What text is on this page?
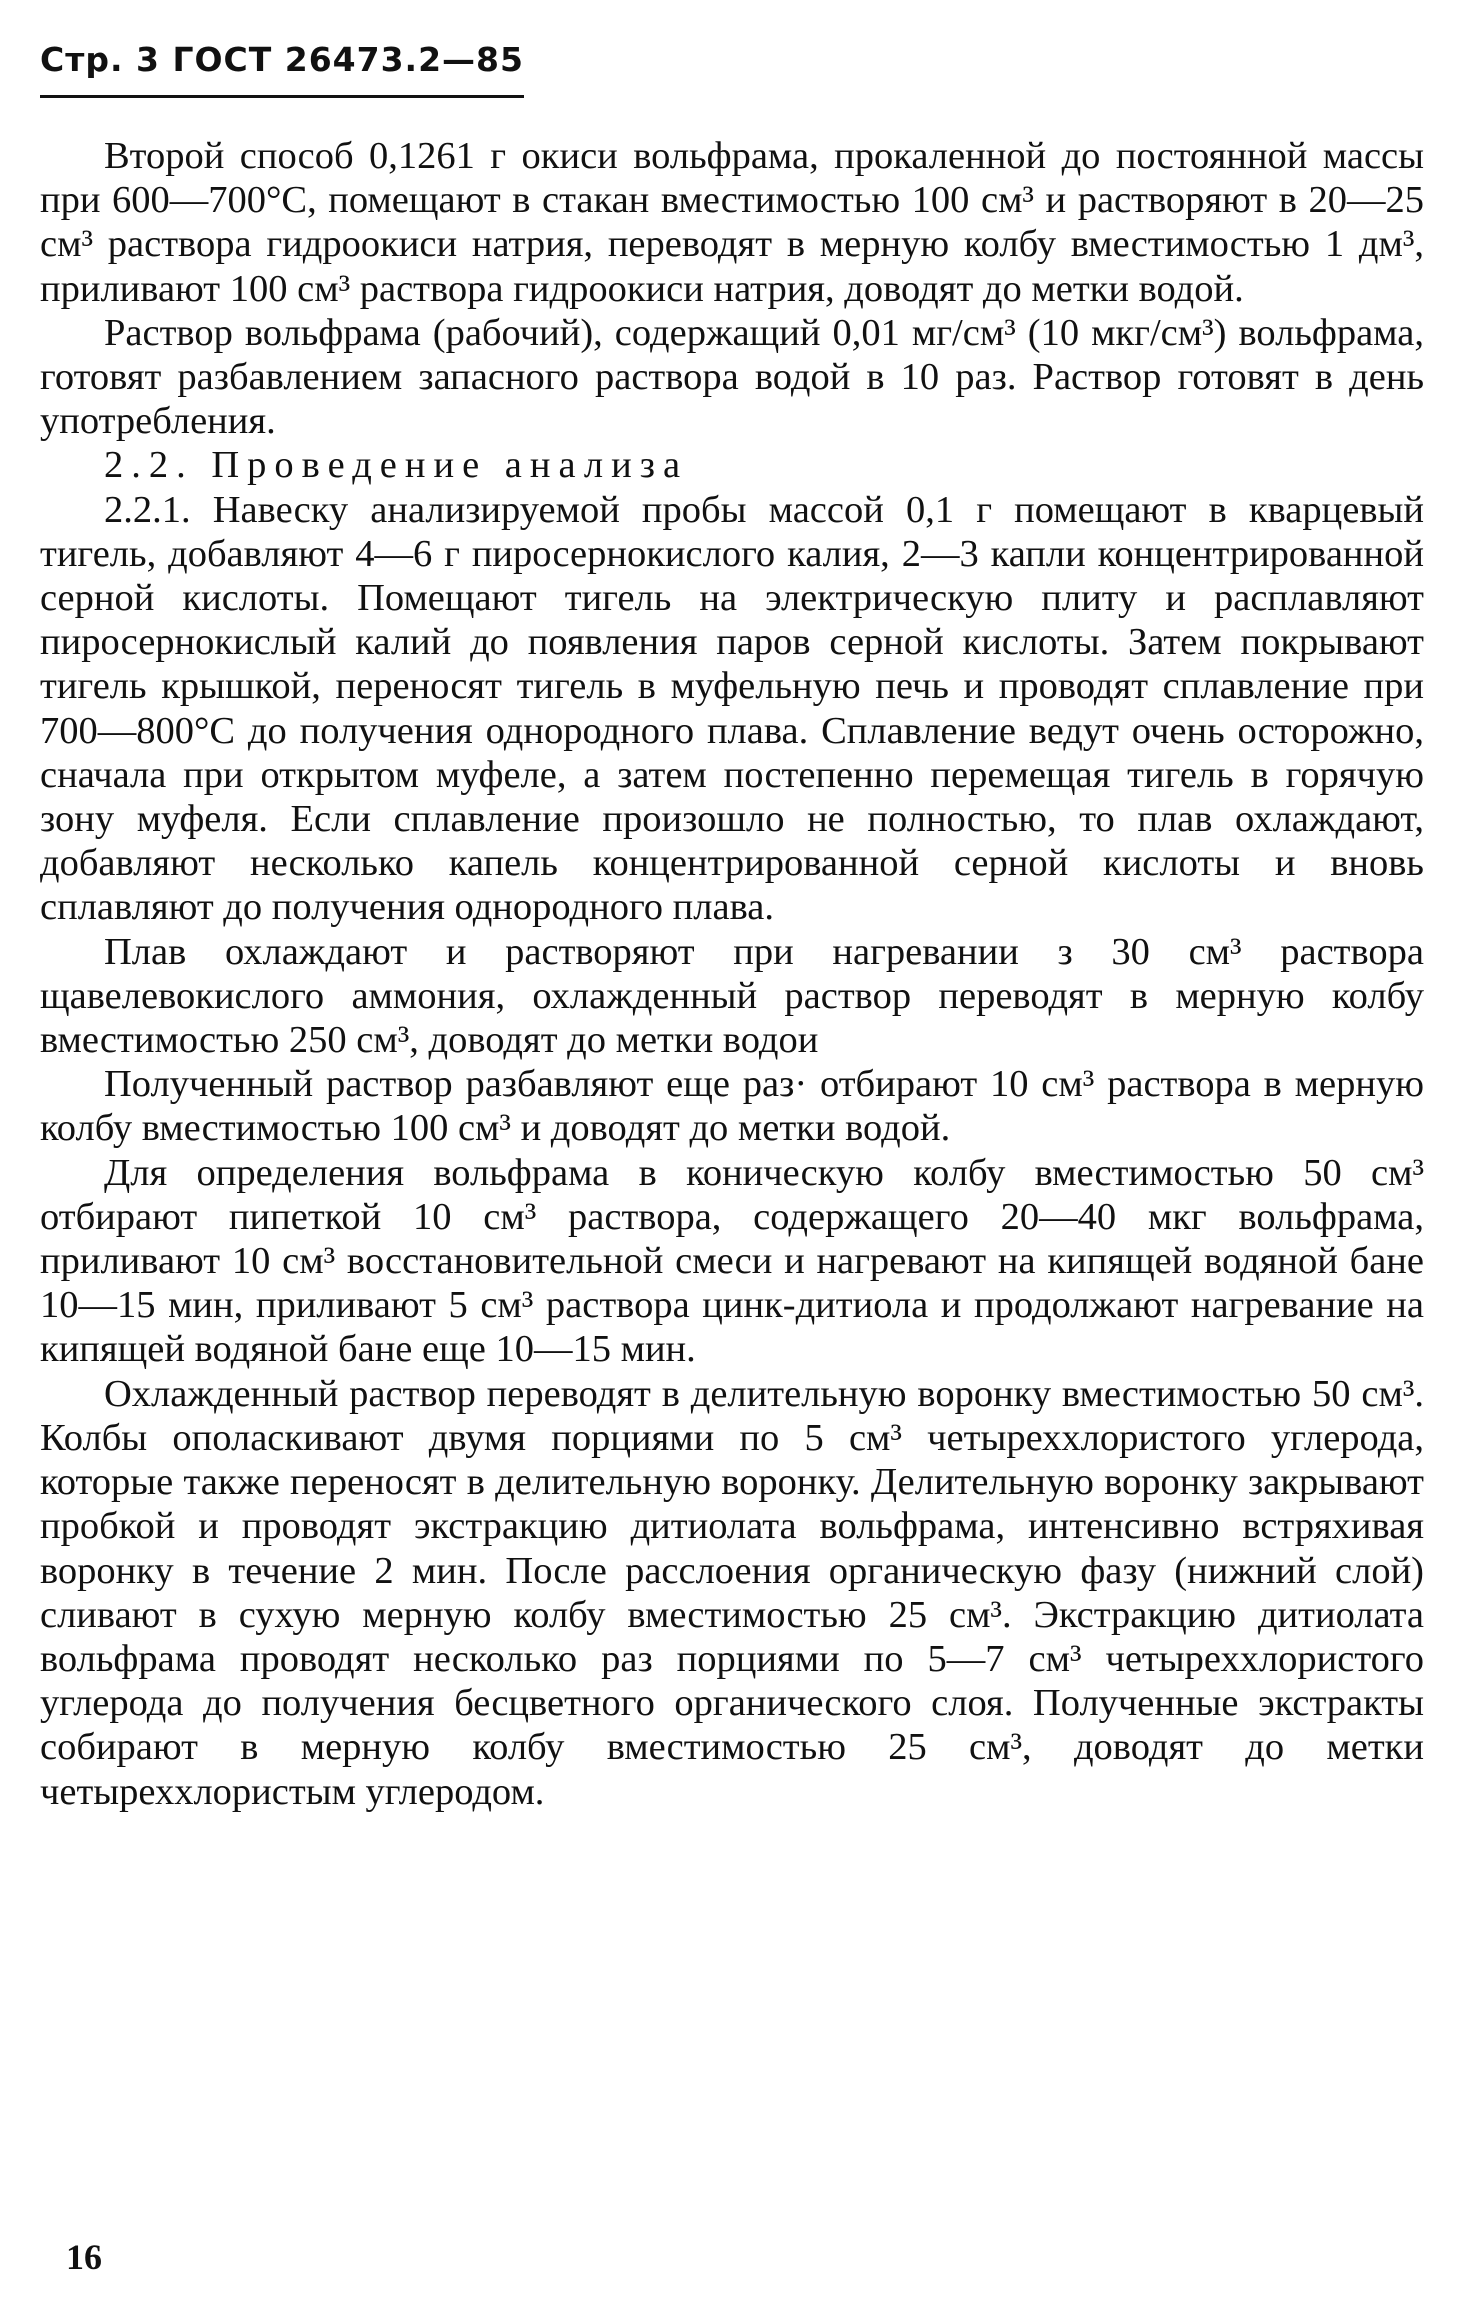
Стр. 3 ГОСТ 26473.2—85

Второй способ 0,1261 г окиси вольфрама, прокаленной до постоянной массы при 600—700°С, помещают в стакан вместимостью 100 см³ и растворяют в 20—25 см³ раствора гидроокиси натрия, переводят в мерную колбу вместимостью 1 дм³, приливают 100 см³ раствора гидроокиси натрия, доводят до метки водой.

Раствор вольфрама (рабочий), содержащий 0,01 мг/см³ (10 мкг/см³) вольфрама, готовят разбавлением запасного раствора водой в 10 раз. Раствор готовят в день употребления.

2.2. Проведение анализа

2.2.1. Навеску анализируемой пробы массой 0,1 г помещают в кварцевый тигель, добавляют 4—6 г пиросернокислого калия, 2—3 капли концентрированной серной кислоты. Помещают тигель на электрическую плиту и расплавляют пиросернокислый калий до появления паров серной кислоты. Затем покрывают тигель крышкой, переносят тигель в муфельную печь и проводят сплавление при 700—800°С до получения однородного плава. Сплавление ведут очень осторожно, сначала при открытом муфеле, а затем постепенно перемещая тигель в горячую зону муфеля. Если сплавление произошло не полностью, то плав охлаждают, добавляют несколько капель концентрированной серной кислоты и вновь сплавляют до получения однородного плава.

Плав охлаждают и растворяют при нагревании з 30 см³ раствора щавелевокислого аммония, охлажденный раствор переводят в мерную колбу вместимостью 250 см³, доводят до метки водои

Полученный раствор разбавляют еще раз· отбирают 10 см³ раствора в мерную колбу вместимостью 100 см³ и доводят до метки водой.

Для определения вольфрама в коническую колбу вместимостью 50 см³ отбирают пипеткой 10 см³ раствора, содержащего 20—40 мкг вольфрама, приливают 10 см³ восстановительной смеси и нагревают на кипящей водяной бане 10—15 мин, приливают 5 см³ раствора цинк-дитиола и продолжают нагревание на кипящей водяной бане еще 10—15 мин.

Охлажденный раствор переводят в делительную воронку вместимостью 50 см³. Колбы ополаскивают двумя порциями по 5 см³ четыреххлористого углерода, которые также переносят в делительную воронку. Делительную воронку закрывают пробкой и проводят экстракцию дитиолата вольфрама, интенсивно встряхивая воронку в течение 2 мин. После расслоения органическую фазу (нижний слой) сливают в сухую мерную колбу вместимостью 25 см³. Экстракцию дитиолата вольфрама проводят несколько раз порциями по 5—7 см³ четыреххлористого углерода до получения бесцветного органического слоя. Полученные экстракты собирают в мерную колбу вместимостью 25 см³, доводят до метки четыреххлористым углеродом.

16
